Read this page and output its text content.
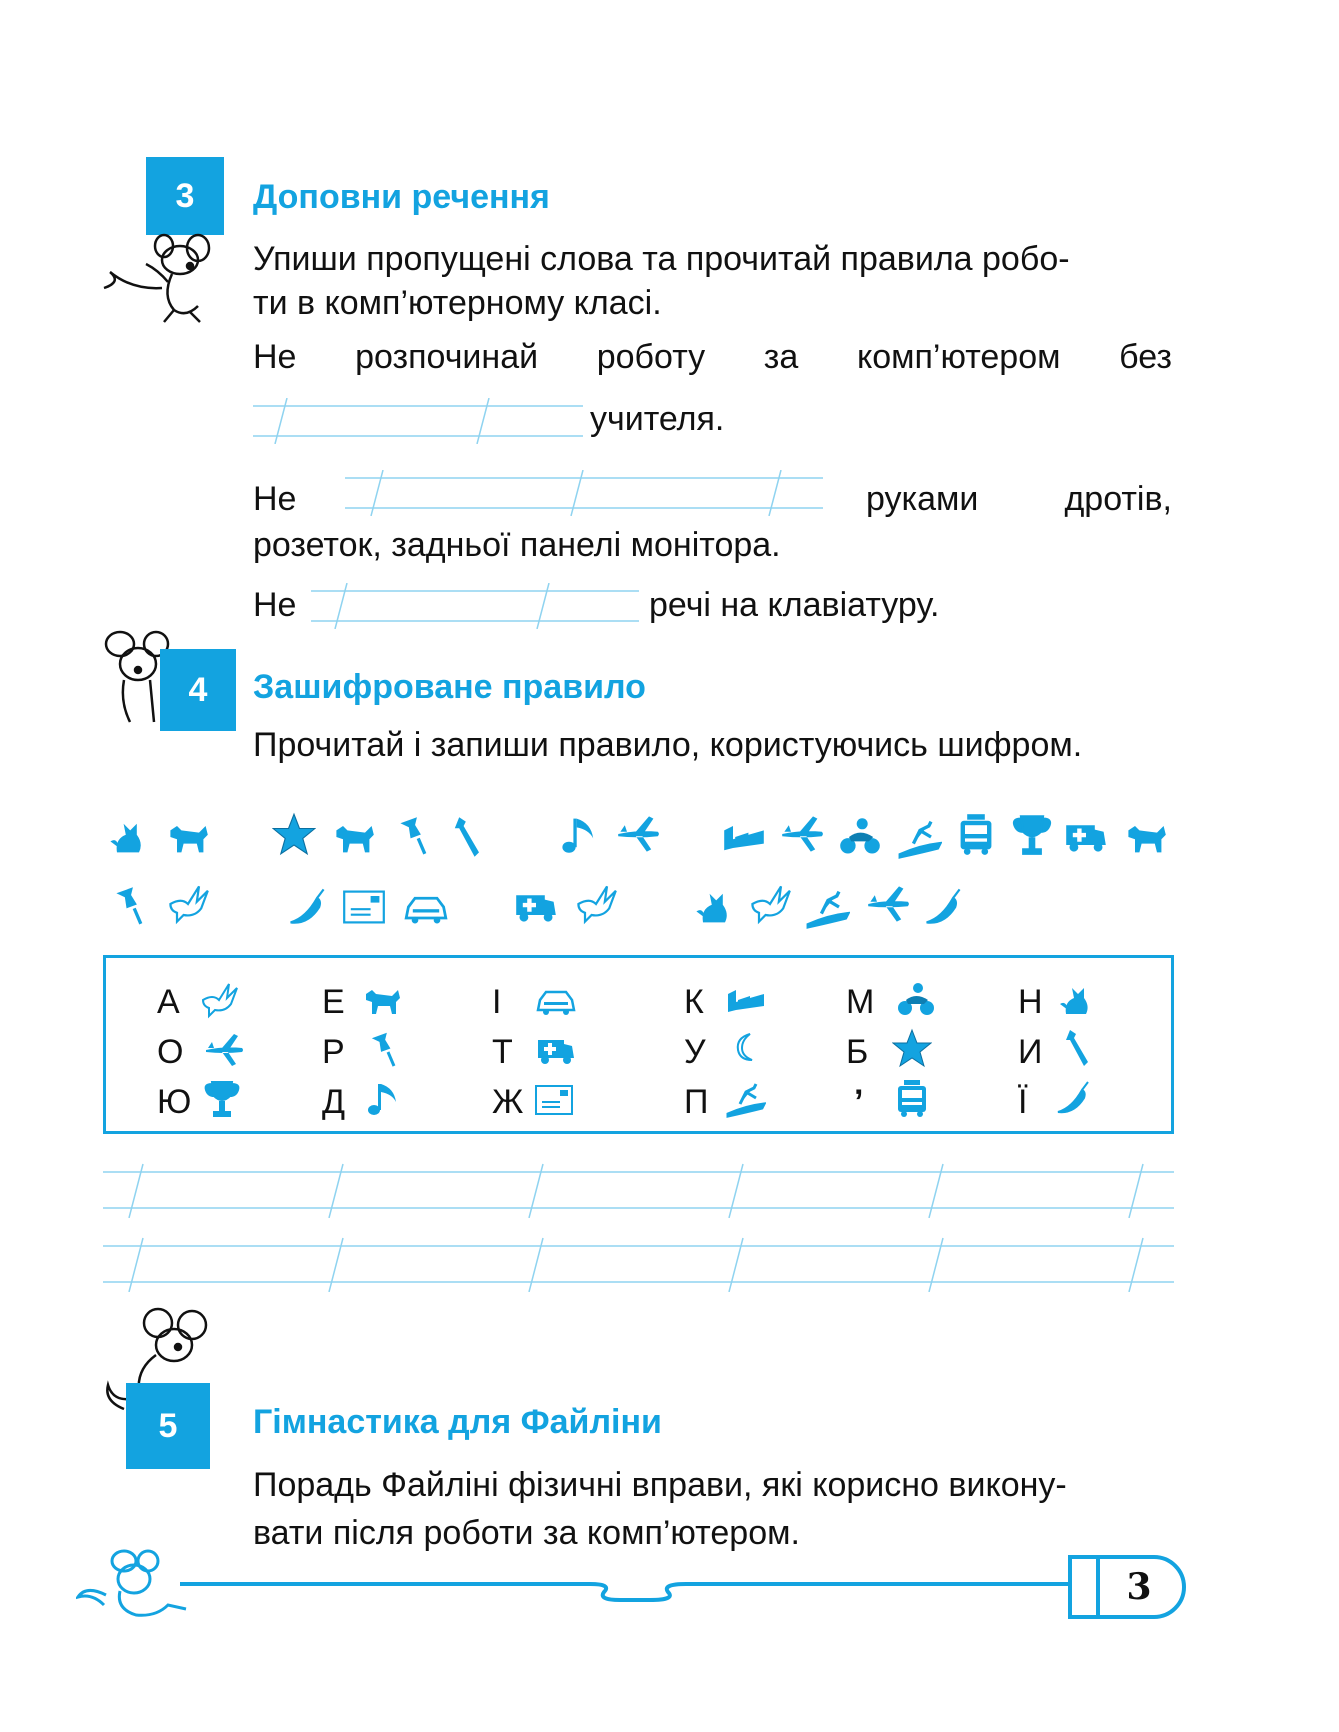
3 Доповни речення
Упиши пропущені слова та прочитай правила робо-
ти в комп’ютерному класі.
Не розпочинай роботу за комп’ютером без
учителя.
Не	руками	дротів,
розеток, задньої панелі монітора.
Не	речі на клавіатуру.
4 Зашифроване правило
Прочитай і запиши правило, користуючись шифром.
А	Е	І	К	М	Н
О	Р	Т	У	Б	И
Ю	Д	Ж	П	’	Ї
5 Гімнастика для Файліни
Порадь Файліні фізичні вправи, які корисно викону-
вати після роботи за комп’ютером.
3
